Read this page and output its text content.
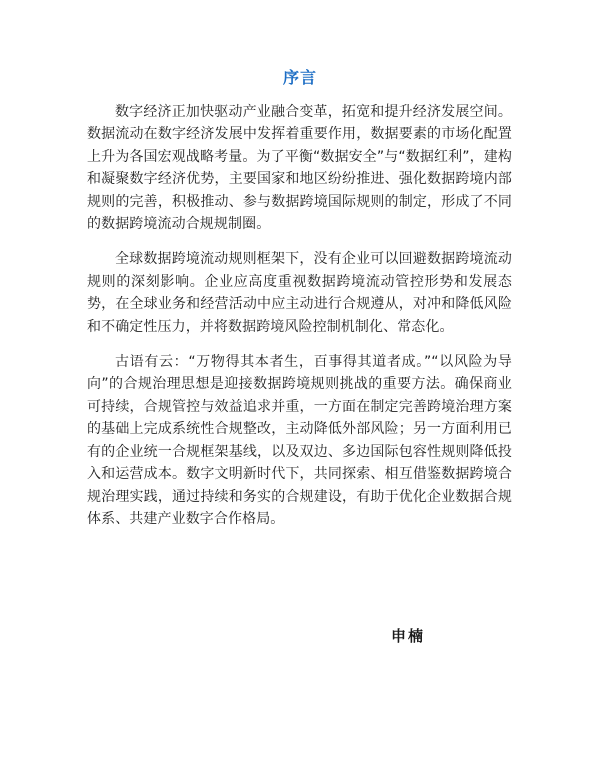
序言

数字经济正加快驱动产业融合变革，拓宽和提升经济发展空间。数据流动在数字经济发展中发挥着重要作用，数据要素的市场化配置上升为各国宏观战略考量。为了平衡“数据安全”与“数据红利”，建构和凝聚数字经济优势，主要国家和地区纷纷推进、强化数据跨境内部规则的完善，积极推动、参与数据跨境国际规则的制定，形成了不同的数据跨境流动合规规制圈。

全球数据跨境流动规则框架下，没有企业可以回避数据跨境流动规则的深刻影响。企业应高度重视数据跨境流动管控形势和发展态势，在全球业务和经营活动中应主动进行合规遵从，对冲和降低风险和不确定性压力，并将数据跨境风险控制机制化、常态化。

古语有云：“万物得其本者生，百事得其道者成。”“以风险为导向”的合规治理思想是迎接数据跨境规则挑战的重要方法。确保商业可持续，合规管控与效益追求并重，一方面在制定完善跨境治理方案的基础上完成系统性合规整改，主动降低外部风险；另一方面利用已有的企业统一合规框架基线，以及双边、多边国际包容性规则降低投入和运营成本。数字文明新时代下，共同探索、相互借鉴数据跨境合规治理实践，通过持续和务实的合规建设，有助于优化企业数据合规体系、共建产业数字合作格局。

申楠
